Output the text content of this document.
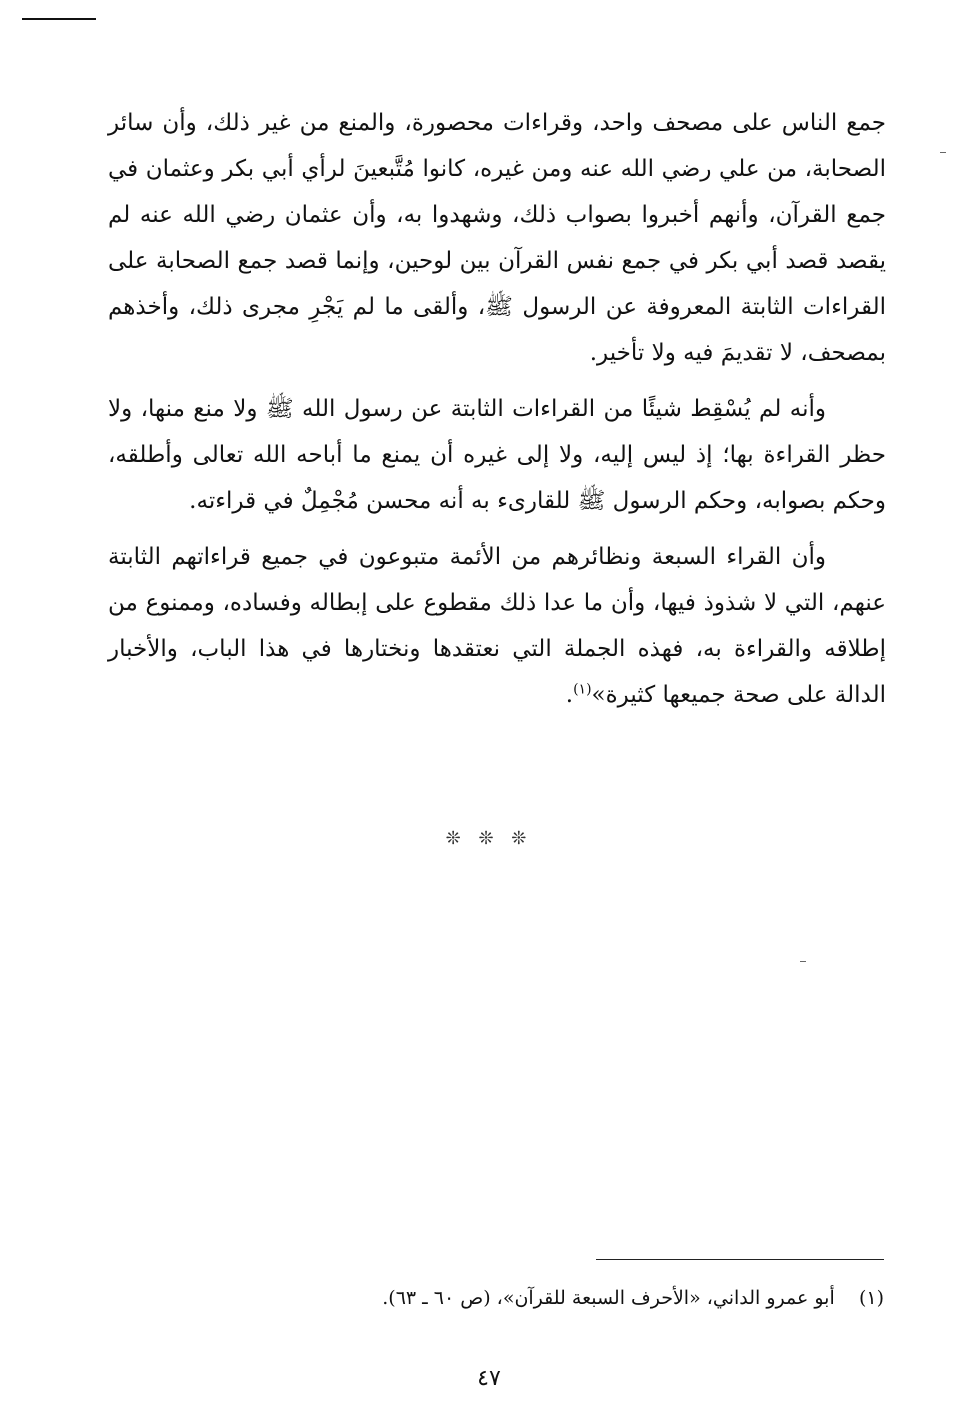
جمع الناس على مصحف واحد، وقراءات محصورة، والمنع من غير ذلك، وأن سائر الصحابة، من علي رضي الله عنه ومن غيره، كانوا مُتَّبعينَ لرأي أبي بكر وعثمان في جمع القرآن، وأنهم أخبروا بصواب ذلك، وشهدوا به، وأن عثمان رضي الله عنه لم يقصد قصد أبي بكر في جمع نفس القرآن بين لوحين، وإنما قصد جمع الصحابة على القراءات الثابتة المعروفة عن الرسول ﷺ، وألقى ما لم يَجْرِ مجرى ذلك، وأخذهم بمصحف، لا تقديمَ فيه ولا تأخير.

وأنه لم يُسْقِط شيئًا من القراءات الثابتة عن رسول الله ﷺ ولا منع منها، ولا حظر القراءة بها؛ إذ ليس إليه، ولا إلى غيره أن يمنع ما أباحه الله تعالى وأطلقه، وحكم بصوابه، وحكم الرسول ﷺ للقارىء به أنه محسن مُجْمِلٌ في قراءته.

وأن القراء السبعة ونظائرهم من الأئمة متبوعون في جميع قراءاتهم الثابتة عنهم، التي لا شذوذ فيها، وأن ما عدا ذلك مقطوع على إبطاله وفساده، وممنوع من إطلاقه والقراءة به، فهذه الجملة التي نعتقدها ونختارها في هذا الباب، والأخبار الدالة على صحة جميعها كثيرة»$^{(١)}$.

❊ ❊ ❊
(١)    أبو عمرو الداني، «الأحرف السبعة للقرآن»، (ص ٦٠ ـ ٦٣).
٤٧
